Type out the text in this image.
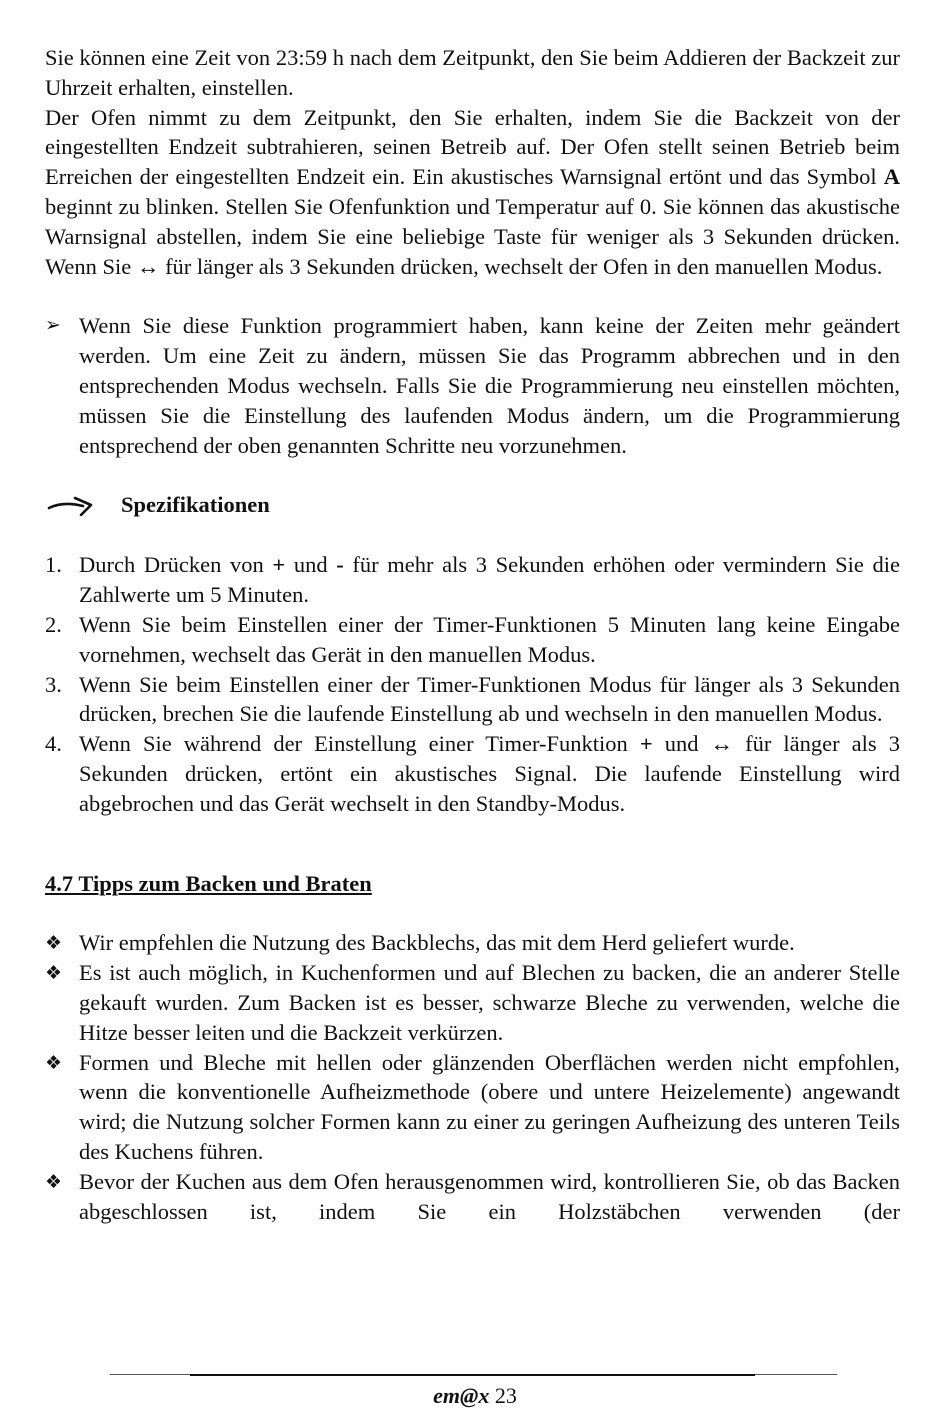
Sie können eine Zeit von 23:59 h nach dem Zeitpunkt, den Sie beim Addieren der Backzeit zur Uhrzeit erhalten, einstellen.

Der Ofen nimmt zu dem Zeitpunkt, den Sie erhalten, indem Sie die Backzeit von der eingestellten Endzeit subtrahieren, seinen Betreib auf. Der Ofen stellt seinen Betrieb beim Erreichen der eingestellten Endzeit ein. Ein akustisches Warnsignal ertönt und das Symbol A beginnt zu blinken. Stellen Sie Ofenfunktion und Temperatur auf 0. Sie können das akustische Warnsignal abstellen, indem Sie eine beliebige Taste für weniger als 3 Sekunden drücken. Wenn Sie ↔ für länger als 3 Sekunden drücken, wechselt der Ofen in den manuellen Modus.

➢ Wenn Sie diese Funktion programmiert haben, kann keine der Zeiten mehr geändert werden. Um eine Zeit zu ändern, müssen Sie das Programm abbrechen und in den entsprechenden Modus wechseln. Falls Sie die Programmierung neu einstellen möchten, müssen Sie die Einstellung des laufenden Modus ändern, um die Programmierung entsprechend der oben genannten Schritte neu vorzunehmen.

Spezifikationen
1. Durch Drücken von + und - für mehr als 3 Sekunden erhöhen oder vermindern Sie die Zahlwerte um 5 Minuten.
2. Wenn Sie beim Einstellen einer der Timer-Funktionen 5 Minuten lang keine Eingabe vornehmen, wechselt das Gerät in den manuellen Modus.
3. Wenn Sie beim Einstellen einer der Timer-Funktionen Modus für länger als 3 Sekunden drücken, brechen Sie die laufende Einstellung ab und wechseln in den manuellen Modus.
4. Wenn Sie während der Einstellung einer Timer-Funktion + und ↔ für länger als 3 Sekunden drücken, ertönt ein akustisches Signal. Die laufende Einstellung wird abgebrochen und das Gerät wechselt in den Standby-Modus.
4.7 Tipps zum Backen und Braten
❖ Wir empfehlen die Nutzung des Backblechs, das mit dem Herd geliefert wurde.
❖ Es ist auch möglich, in Kuchenformen und auf Blechen zu backen, die an anderer Stelle gekauft wurden. Zum Backen ist es besser, schwarze Bleche zu verwenden, welche die Hitze besser leiten und die Backzeit verkürzen.
❖ Formen und Bleche mit hellen oder glänzenden Oberflächen werden nicht empfohlen, wenn die konventionelle Aufheizmethode (obere und untere Heizelemente) angewandt wird; die Nutzung solcher Formen kann zu einer zu geringen Aufheizung des unteren Teils des Kuchens führen.
❖ Bevor der Kuchen aus dem Ofen herausgenommen wird, kontrollieren Sie, ob das Backen abgeschlossen ist, indem Sie ein Holzstäbchen verwenden (der
em@x 23
